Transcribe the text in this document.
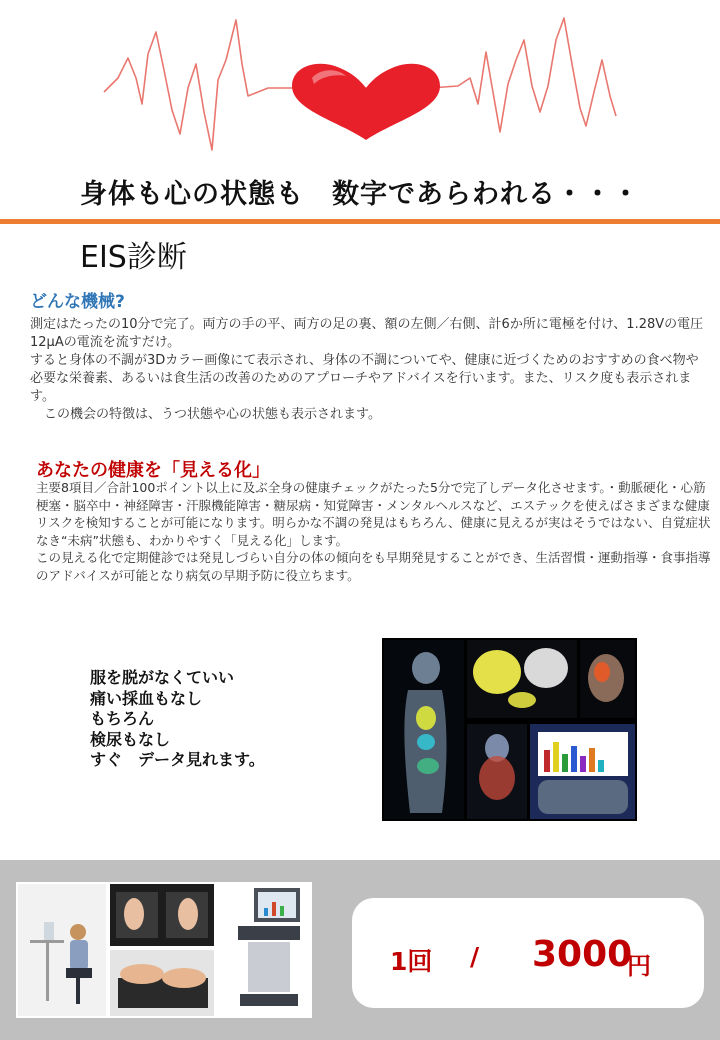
身体も心の状態も　数字であらわれる・・・
EIS診断
どんな機械?

測定はたったの10分で完了。両方の手の平、両方の足の裏、額の左側／右側、計6か所に電極を付け、1.28Vの電圧12μAの電流を流すだけ。

すると身体の不調が3Dカラー画像にて表示され、身体の不調についてや、健康に近づくためのおすすめの食べ物や必要な栄養素、あるいは食生活の改善のためのアプローチやアドバイスを行います。また、リスク度も表示されます。

この機会の特徴は、うつ状態や心の状態も表示されます。

あなたの健康を「見える化」

主要8項目／合計100ポイント以上に及ぶ全身の健康チェックがたった5分で完了しデータ化させます。・動脈硬化・心筋梗塞・脳卒中・神経障害・汗腺機能障害・糖尿病・知覚障害・メンタルヘルスなど、エステックを使えばさまざまな健康リスクを検知することが可能になります。明らかな不調の発見はもちろん、健康に見えるが実はそうではない、自覚症状なき“未病”状態も、わかりやすく「見える化」します。

この見える化で定期健診では発見しづらい自分の体の傾向をも早期発見することができ、生活習慣・運動指導・食事指導のアドバイスが可能となり病気の早期予防に役立ちます。

服を脱がなくていい
痛い採血もなし
もちろん
検尿もなし
すぐ　データ見れます。
1回 / 3000
円
